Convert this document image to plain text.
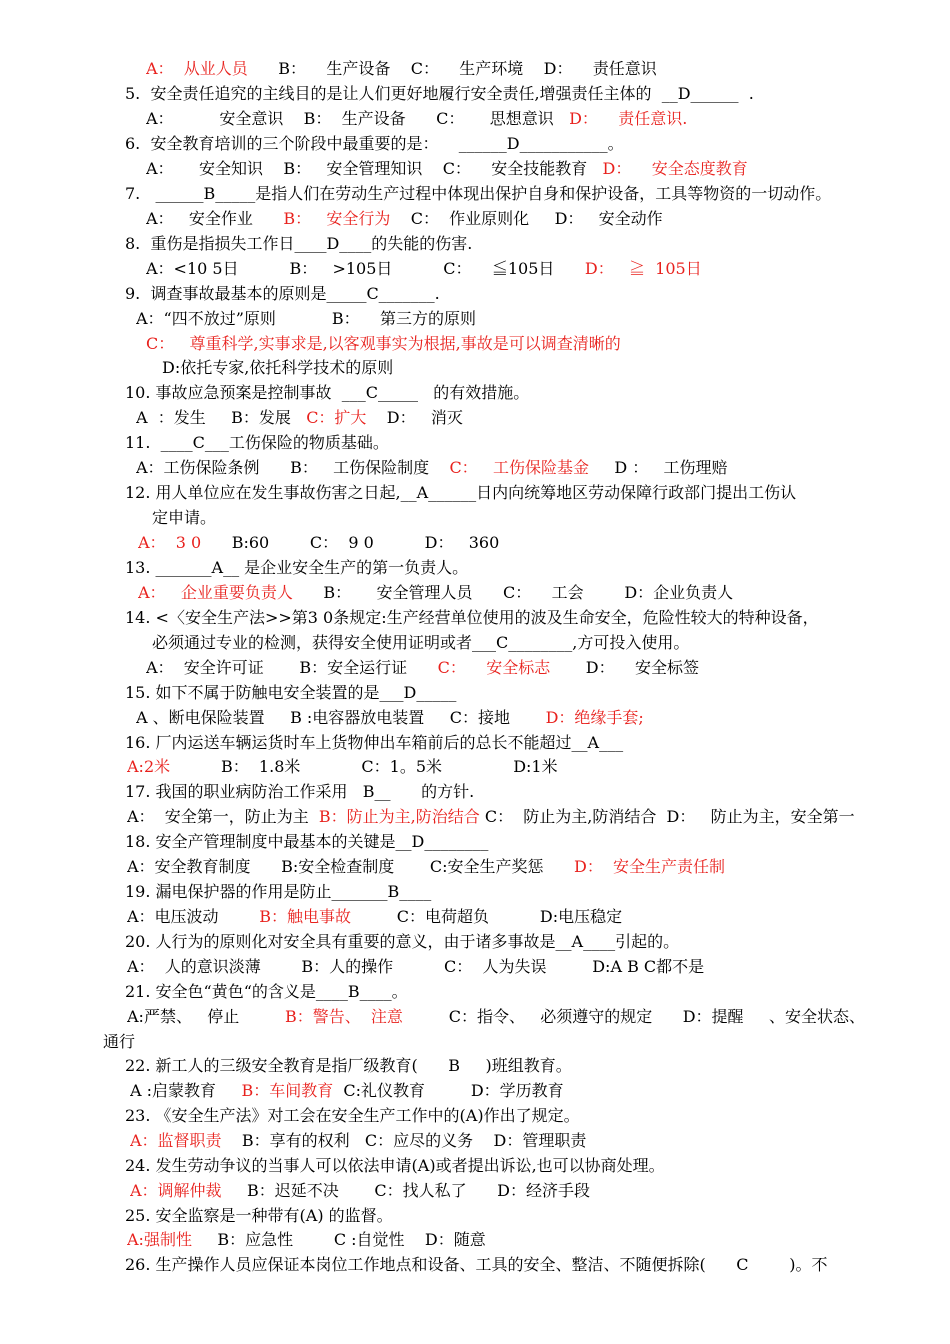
A：  从业人员      B：    生产设备    C：    生产环境    D：    责任意识
5.  安全责任追究的主线目的是让人们更好地履行安全责任,增强责任主体的  __D______  .
A：         安全意识    B：  生产设备      C：     思想意识   D：    责任意识.
6.  安全教育培训的三个阶段中最重要的是：    ______D___________。
A：     安全知识    B：   安全管理知识    C：    安全技能教育   D：    安全态度教育
7.   ______B_____是指人们在劳动生产过程中体现出保护自身和保护设备，工具等物资的一切动作。
A：   安全作业      B：   安全行为    C：  作业原则化     D：   安全动作
8.  重伤是指损失工作日____D____的失能的伤害.
A：<10 5日          B：   >105日          C：    ≦105日      D：   ≧  105日
9.  调查事故最基本的原则是_____C_______.
A：“四不放过”原则           B：    第三方的原则
C：   尊重科学,实事求是,以客观事实为根据,事故是可以调查清晰的
D:依托专家,依托科学技术的原则
10. 事故应急预案是控制事故  ___C_____   的有效措施。
A  ：发生     B：发展   C：扩大    D：   消灭
11.  ____C___工伤保险的物质基础。
A：工伤保险条例      B：   工伤保险制度    C：   工伤保险基金     D ：   工伤理赔
12. 用人单位应在发生事故伤害之日起,__A______日内向统筹地区劳动保障行政部门提出工伤认
定申请。
A：  3 0      B:60        C：  9 0          D：   360
13. _______A__ 是企业安全生产的第一负责人。
A：   企业重要负责人      B：     安全管理人员      C：    工会        D：企业负责人
14. <〈安全生产法>>第3 0条规定:生产经营单位使用的波及生命安全，危险性较大的特种设备，
必须通过专业的检测，获得安全使用证明或者___C________,方可投入使用。
A：  安全许可证       B：安全运行证      C：    安全标志       D：    安全标签
15. 如下不属于防触电安全装置的是___D_____
A 、断电保险装置     B :电容器放电装置     C：接地       D：绝缘手套;
16. 厂内运送车辆运货时车上货物伸出车箱前后的总长不能超过__A___
A:2米          B：  1.8米            C：1。5米              D:1米
17. 我国的职业病防治工作采用   B__      的方针.
A：  安全第一，防止为主  B：防止为主,防治结合 C：  防止为主,防消结合  D：   防止为主，安全第一
18. 安全产管理制度中最基本的关键是__D________
A：安全教育制度      B:安全检查制度       C:安全生产奖惩      D：  安全生产责任制
19. 漏电保护器的作用是防止_______B____
A：电压波动        B：触电事故         C：电荷超负          D:电压稳定
20. 人行为的原则化对安全具有重要的意义，由于诸多事故是__A____引起的。
A：  人的意识淡薄        B：人的操作          C：  人为失误         D:A B C都不是
21. 安全色“黄色“的含义是____B____。
A:严禁、   停止         B：警告、  注意         C：指令、   必须遵守的规定      D：提醒     、安全状态、
通行
22. 新工人的三级安全教育是指厂级教育(      B     )班组教育。
A :启蒙教育     B：车间教育  C:礼仪教育         D：学历教育
23. 《安全生产法》对工会在安全生产工作中的(A)作出了规定。
A：监督职责    B：享有的权利   C：应尽的义务    D：管理职责
24. 发生劳动争议的当事人可以依法申请(A)或者提出诉讼,也可以协商处理。
A：调解仲裁     B：迟延不决       C：找人私了      D：经济手段
25. 安全监察是一种带有(A) 的监督。
A:强制性     B：应急性        C :自觉性    D：随意
26. 生产操作人员应保证本岗位工作地点和设备、工具的安全、整洁、不随便拆除(      C        )。不
